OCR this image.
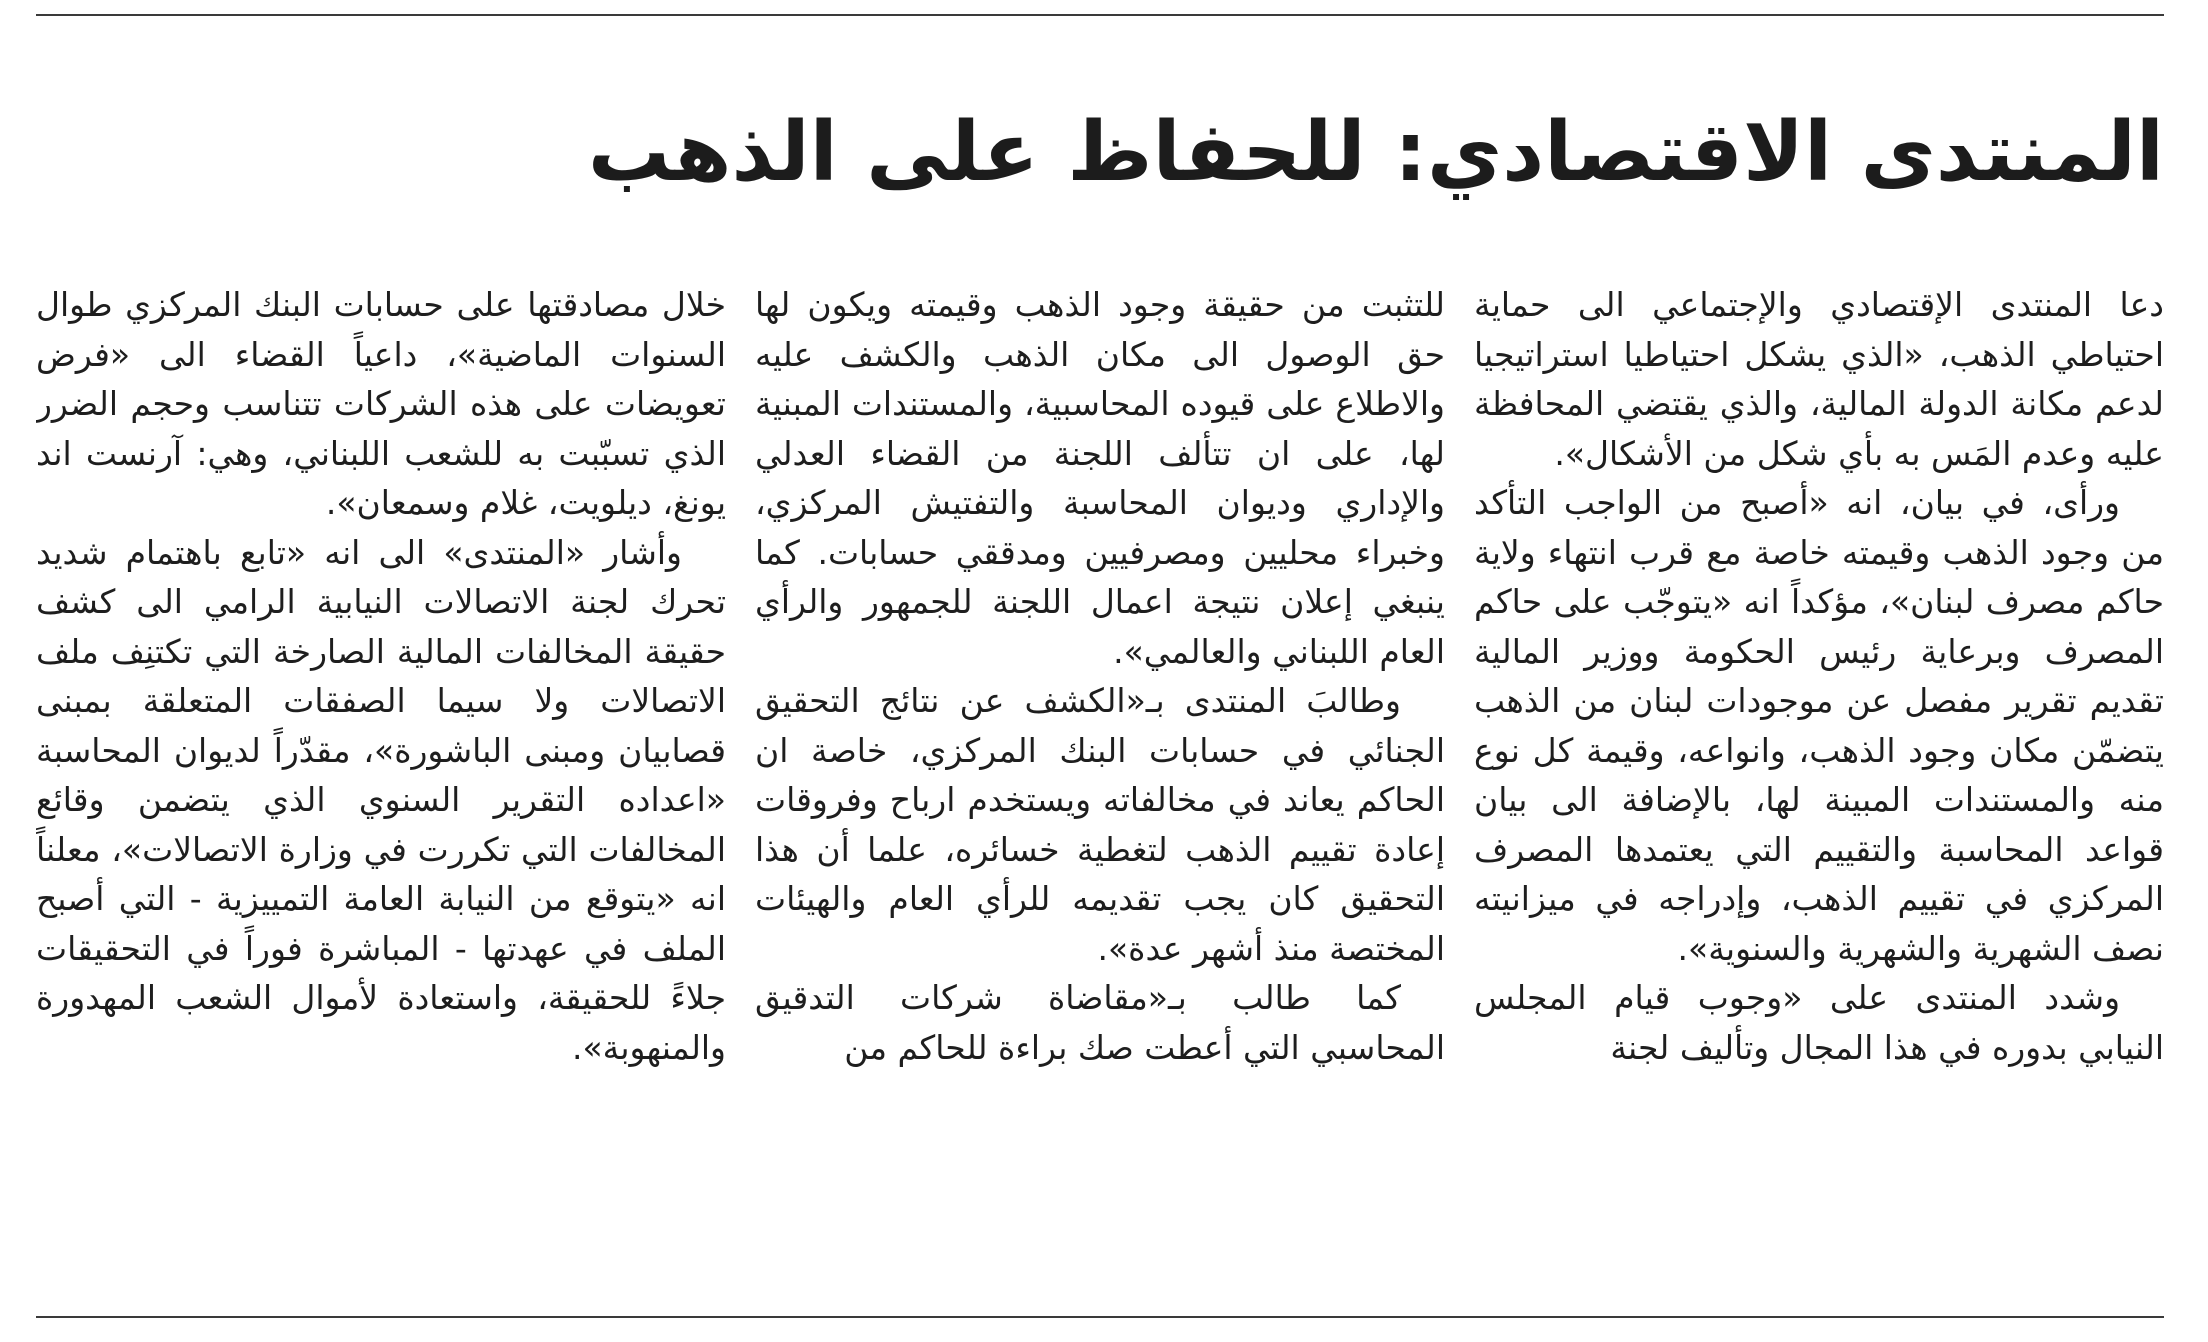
المنتدى الاقتصادي: للحفاظ على الذهب

دعا المنتدى الإقتصادي والإجتماعي الى حماية احتياطي الذهب، «الذي يشكل احتياطيا استراتيجيا لدعم مكانة الدولة المالية، والذي يقتضي المحافظة عليه وعدم المَس به بأي شكل من الأشكال».

ورأى، في بيان، انه «أصبح من الواجب التأكد من وجود الذهب وقيمته خاصة مع قرب انتهاء ولاية حاكم مصرف لبنان»، مؤكداً انه «يتوجّب على حاكم المصرف وبرعاية رئيس الحكومة ووزير المالية تقديم تقرير مفصل عن موجودات لبنان من الذهب يتضمّن مكان وجود الذهب، وانواعه، وقيمة كل نوع منه والمستندات المبينة لها، بالإضافة الى بيان قواعد المحاسبة والتقييم التي يعتمدها المصرف المركزي في تقييم الذهب، وإدراجه في ميزانيته نصف الشهرية والشهرية والسنوية».

وشدد المنتدى على «وجوب قيام المجلس النيابي بدوره في هذا المجال وتأليف لجنة

للتثبت من حقيقة وجود الذهب وقيمته ويكون لها حق الوصول الى مكان الذهب والكشف عليه والاطلاع على قيوده المحاسبية، والمستندات المبنية لها، على ان تتألف اللجنة من القضاء العدلي والإداري وديوان المحاسبة والتفتيش المركزي، وخبراء محليين ومصرفيين ومدققي حسابات. كما ينبغي إعلان نتيجة اعمال اللجنة للجمهور والرأي العام اللبناني والعالمي».

وطالبَ المنتدى بـ«الكشف عن نتائج التحقيق الجنائي في حسابات البنك المركزي، خاصة ان الحاكم يعاند في مخالفاته ويستخدم ارباح وفروقات إعادة تقييم الذهب لتغطية خسائره، علما أن هذا التحقيق كان يجب تقديمه للرأي العام والهيئات المختصة منذ أشهر عدة».

كما طالب بـ«مقاضاة شركات التدقيق المحاسبي التي أعطت صك براءة للحاكم من

خلال مصادقتها على حسابات البنك المركزي طوال السنوات الماضية»، داعياً القضاء الى «فرض تعويضات على هذه الشركات تتناسب وحجم الضرر الذي تسبّبت به للشعب اللبناني، وهي: آرنست اند يونغ، ديلويت، غلام وسمعان».

وأشار «المنتدى» الى انه «تابع باهتمام شديد تحرك لجنة الاتصالات النيابية الرامي الى كشف حقيقة المخالفات المالية الصارخة التي تكتنِف ملف الاتصالات ولا سيما الصفقات المتعلقة بمبنى قصابيان ومبنى الباشورة»، مقدّراً لديوان المحاسبة «اعداده التقرير السنوي الذي يتضمن وقائع المخالفات التي تكررت في وزارة الاتصالات»، معلناً انه «يتوقع من النيابة العامة التمييزية - التي أصبح الملف في عهدتها - المباشرة فوراً في التحقيقات جلاءً للحقيقة، واستعادة لأموال الشعب المهدورة والمنهوبة».
